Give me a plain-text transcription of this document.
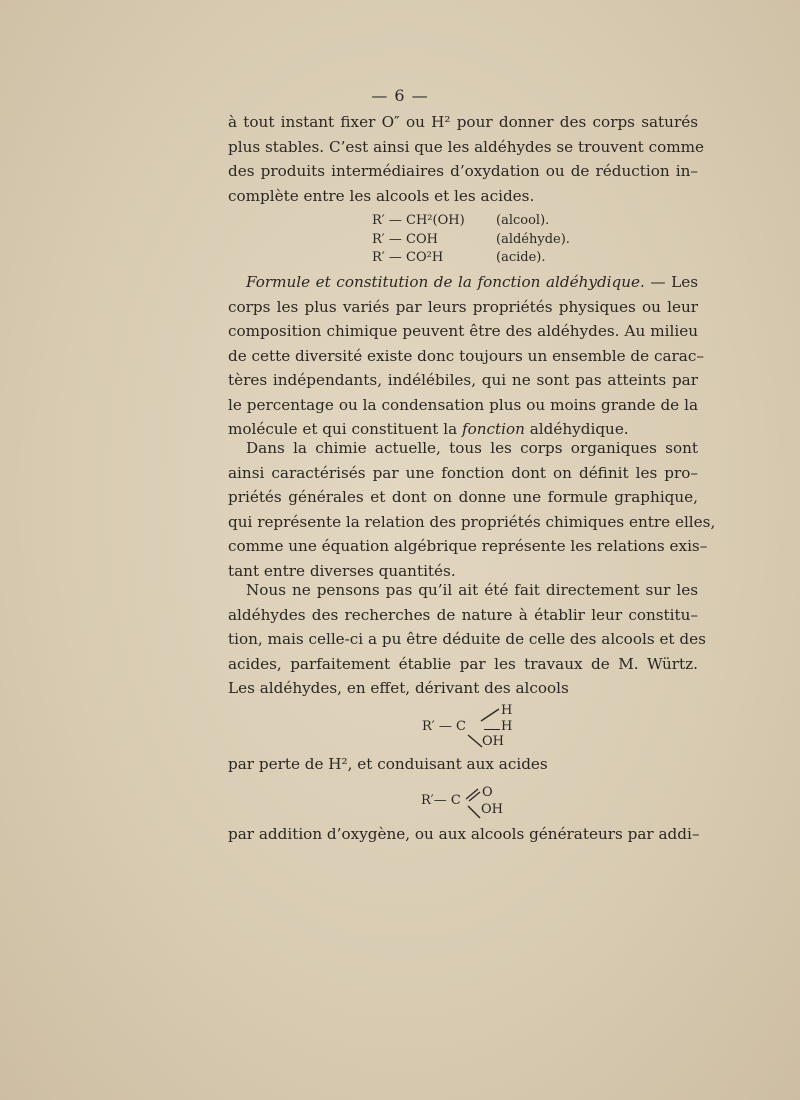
— 6 —
à tout instant fixer O″ ou H² pour donner des corps saturés
plus stables. C’est ainsi que les aldéhydes se trouvent comme
des produits intermédiaires d’oxydation ou de réduction in–
complète entre les alcools et les acides.
R′ — CH²(OH)	(alcool).
R′ — COH	(aldéhyde).
R′ — CO²H	(acide).
Formule et constitution de la fonction aldéhydique. — Les
corps les plus variés par leurs propriétés physiques ou leur
composition chimique peuvent être des aldéhydes. Au milieu
de cette diversité existe donc toujours un ensemble de carac–
tères indépendants, indélébiles, qui ne sont pas atteints par
le percentage ou la condensation plus ou moins grande de la
molécule et qui constituent la fonction aldéhydique.
Dans la chimie actuelle, tous les corps organiques sont
ainsi caractérisés par une fonction dont on définit les pro–
priétés générales et dont on donne une formule graphique,
qui représente la relation des propriétés chimiques entre elles,
comme une équation algébrique représente les relations exis–
tant entre diverses quantités.
Nous ne pensons pas qu’il ait été fait directement sur les
aldéhydes des recherches de nature à établir leur constitu–
tion, mais celle-ci a pu être déduite de celle des alcools et des
acides, parfaitement établie par les travaux de M. Würtz.
Les aldéhydes, en effet, dérivant des alcools
R′ — C
H
H
OH
par perte de H², et conduisant aux acides
R′— C
O
OH
par addition d’oxygène, ou aux alcools générateurs par addi–
